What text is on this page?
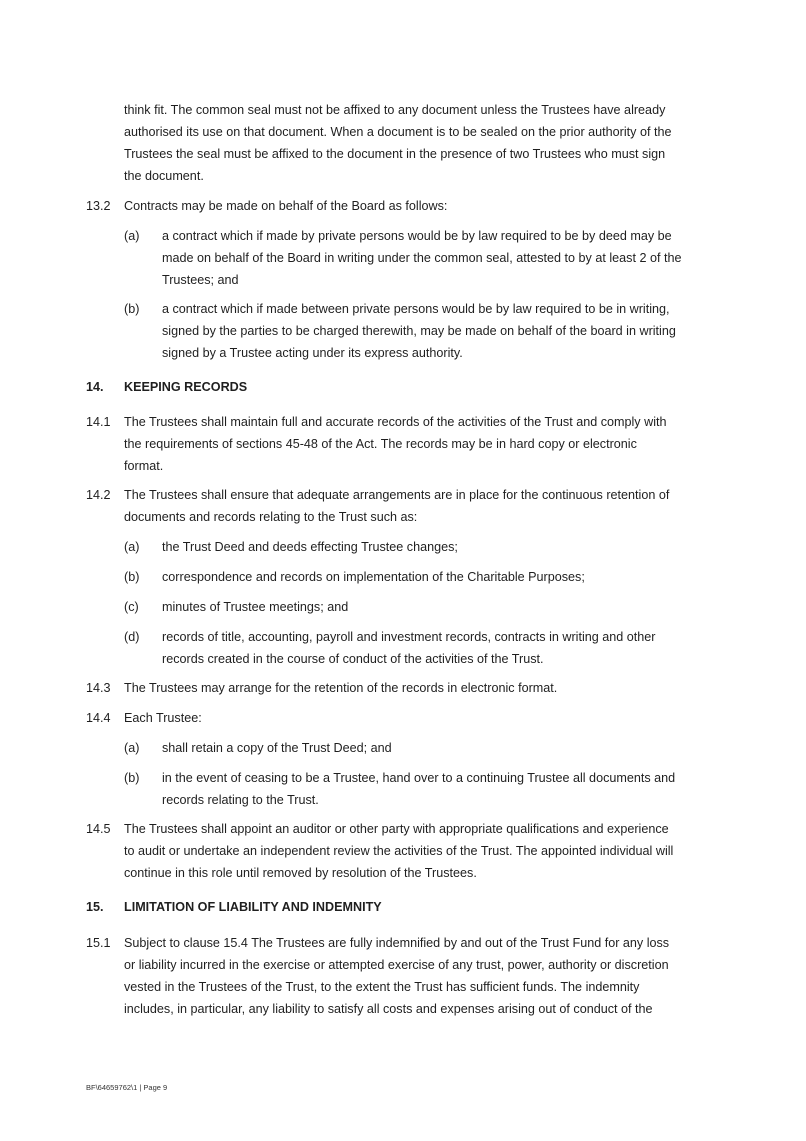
think fit. The common seal must not be affixed to any document unless the Trustees have already
authorised its use on that document. When a document is to be sealed on the prior authority of the
Trustees the seal must be affixed to the document in the presence of two Trustees who must sign
the document.
13.2 Contracts may be made on behalf of the Board as follows:
(a) a contract which if made by private persons would be by law required to be by deed may be
made on behalf of the Board in writing under the common seal, attested to by at least 2 of the
Trustees; and
(b) a contract which if made between private persons would be by law required to be in writing,
signed by the parties to be charged therewith, may be made on behalf of the board in writing
signed by a Trustee acting under its express authority.
14. KEEPING RECORDS
14.1 The Trustees shall maintain full and accurate records of the activities of the Trust and comply with
the requirements of sections 45-48 of the Act. The records may be in hard copy or electronic
format.
14.2 The Trustees shall ensure that adequate arrangements are in place for the continuous retention of
documents and records relating to the Trust such as:
(a) the Trust Deed and deeds effecting Trustee changes;
(b) correspondence and records on implementation of the Charitable Purposes;
(c) minutes of Trustee meetings; and
(d) records of title, accounting, payroll and investment records, contracts in writing and other
records created in the course of conduct of the activities of the Trust.
14.3 The Trustees may arrange for the retention of the records in electronic format.
14.4 Each Trustee:
(a) shall retain a copy of the Trust Deed; and
(b) in the event of ceasing to be a Trustee, hand over to a continuing Trustee all documents and
records relating to the Trust.
14.5 The Trustees shall appoint an auditor or other party with appropriate qualifications and experience
to audit or undertake an independent review the activities of the Trust. The appointed individual will
continue in this role until removed by resolution of the Trustees.
15. LIMITATION OF LIABILITY AND INDEMNITY
15.1 Subject to clause 15.4 The Trustees are fully indemnified by and out of the Trust Fund for any loss
or liability incurred in the exercise or attempted exercise of any trust, power, authority or discretion
vested in the Trustees of the Trust, to the extent the Trust has sufficient funds. The indemnity
includes, in particular, any liability to satisfy all costs and expenses arising out of conduct of the
BF\64659762\1 | Page 9
